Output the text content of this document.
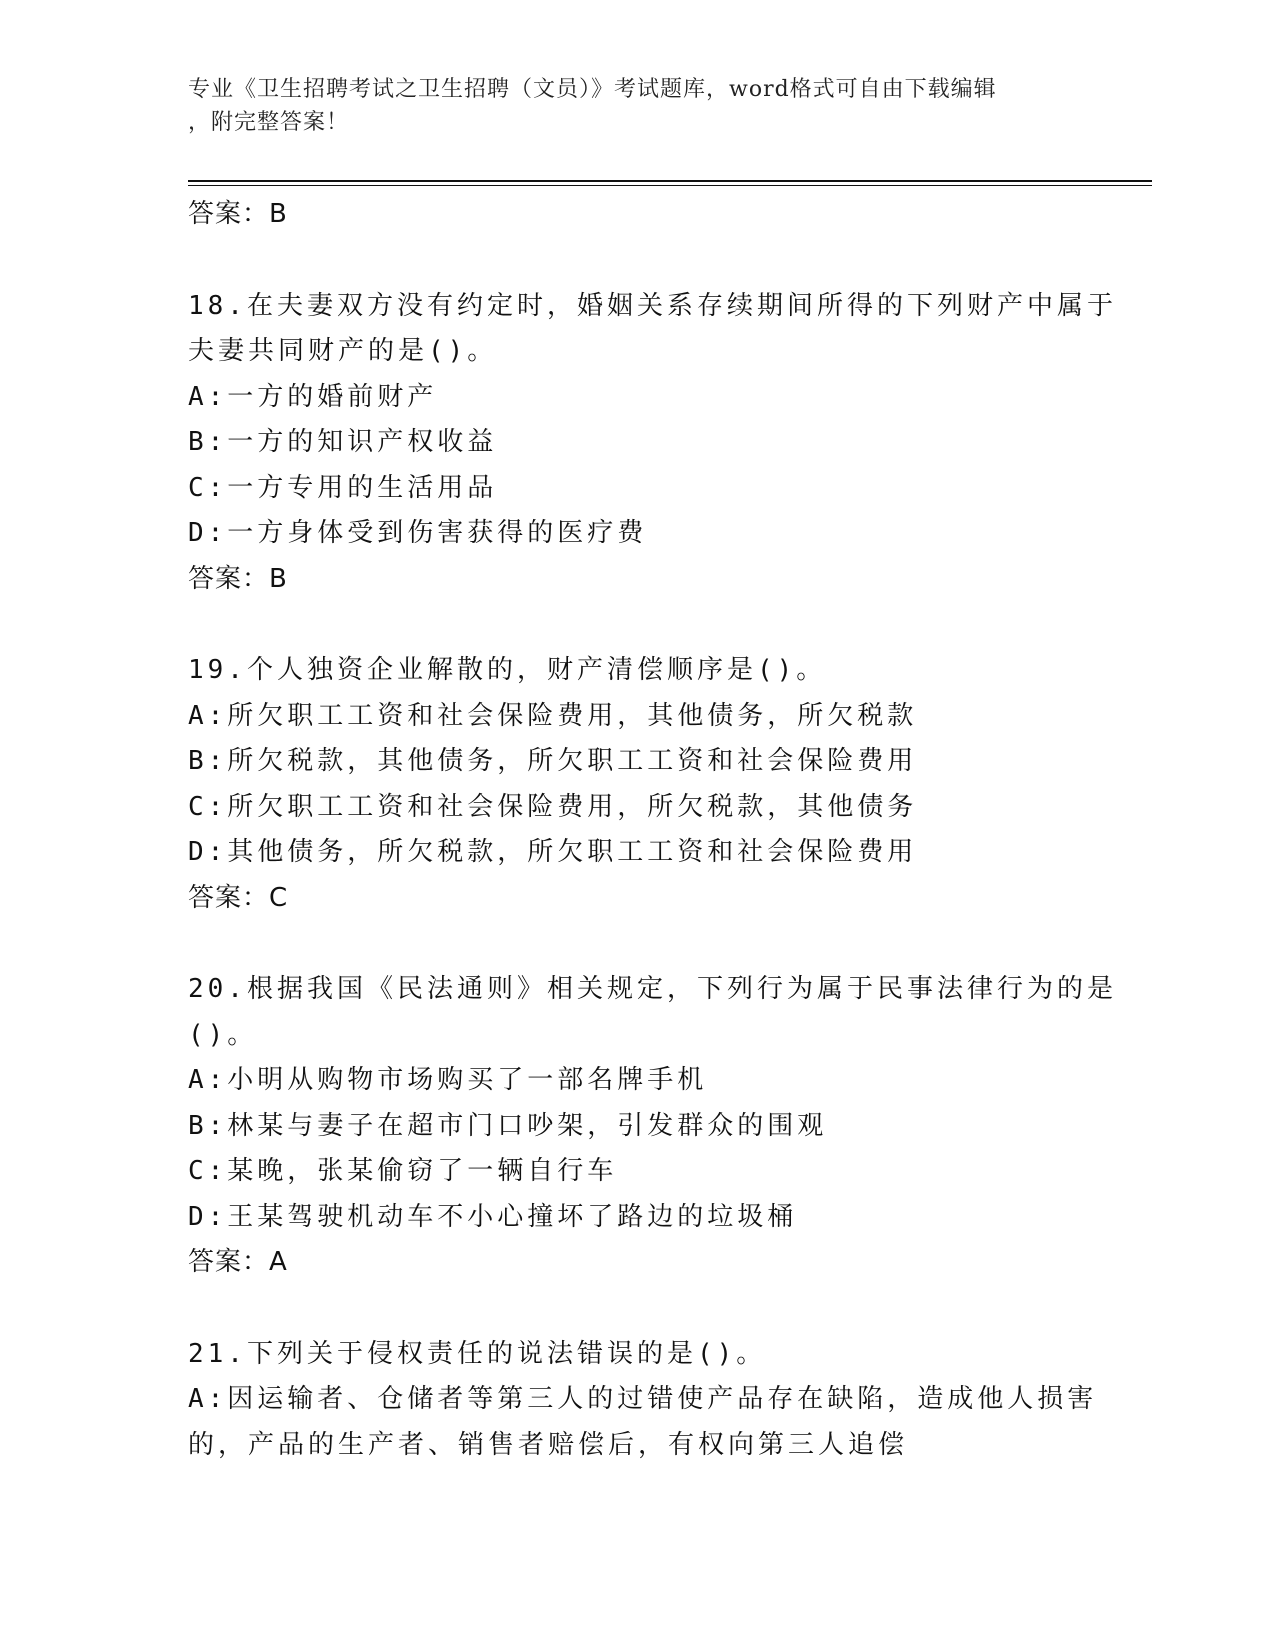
专业《卫生招聘考试之卫生招聘（文员）》考试题库，word格式可自由下载编辑
，附完整答案！
答案：B
18.在夫妻双方没有约定时，婚姻关系存续期间所得的下列财产中属于
夫妻共同财产的是()。
A:一方的婚前财产
B:一方的知识产权收益
C:一方专用的生活用品
D:一方身体受到伤害获得的医疗费
答案：B
19.个人独资企业解散的，财产清偿顺序是()。
A:所欠职工工资和社会保险费用，其他债务，所欠税款
B:所欠税款，其他债务，所欠职工工资和社会保险费用
C:所欠职工工资和社会保险费用，所欠税款，其他债务
D:其他债务，所欠税款，所欠职工工资和社会保险费用
答案：C
20.根据我国《民法通则》相关规定，下列行为属于民事法律行为的是
()。
A:小明从购物市场购买了一部名牌手机
B:林某与妻子在超市门口吵架，引发群众的围观
C:某晚，张某偷窃了一辆自行车
D:王某驾驶机动车不小心撞坏了路边的垃圾桶
答案：A
21.下列关于侵权责任的说法错误的是()。
A:因运输者、仓储者等第三人的过错使产品存在缺陷，造成他人损害
的，产品的生产者、销售者赔偿后，有权向第三人追偿
